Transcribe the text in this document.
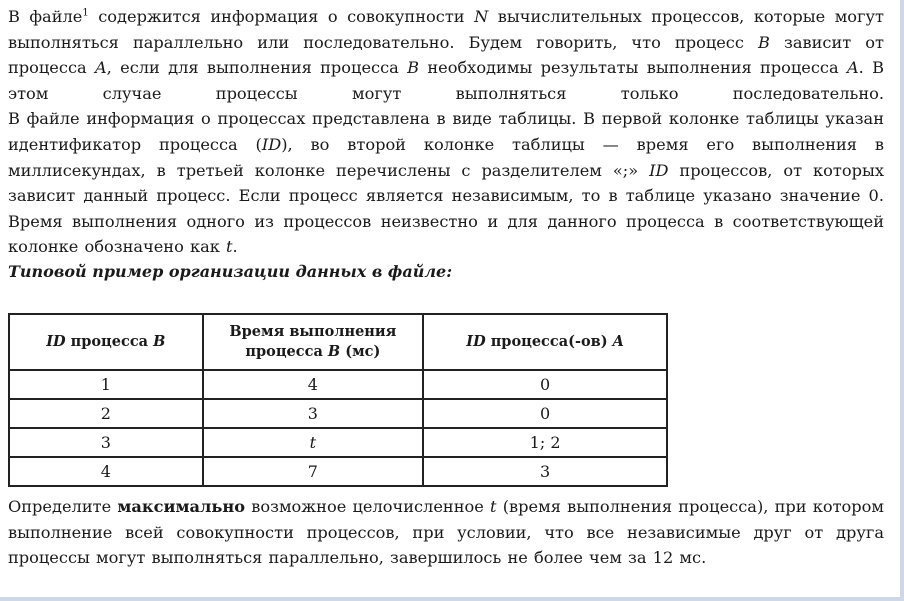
В файле$^1$ содержится информация о совокупности N вычислительных процессов, которые могут выполняться параллельно или последовательно. Будем говорить, что процесс B зависит от процесса A, если для выполнения процесса B необходимы результаты выполнения процесса A. В этом случае процессы могут выполняться только последовательно.

В файле информация о процессах представлена в виде таблицы. В первой колонке таблицы указан идентификатор процесса (ID), во второй колонке таблицы — время его выполнения в миллисекундах, в третьей колонке перечислены с разделителем «;» ID процессов, от которых зависит данный процесс. Если процесс является независимым, то в таблице указано значение 0. Время выполнения одного из процессов неизвестно и для данного процесса в соответствующей колонке обозначено как t.

Типовой пример организации данных в файле:

ID процесса B	Время выполнения процесса B (мс)	ID процесса(-ов) A
1	4	0
2	3	0
3	t	1; 2
4	7	3

Определите максимально возможное целочисленное t (время выполнения процесса), при котором выполнение всей совокупности процессов, при условии, что все независимые друг от друга процессы могут выполняться параллельно, завершилось не более чем за 12 мс.
